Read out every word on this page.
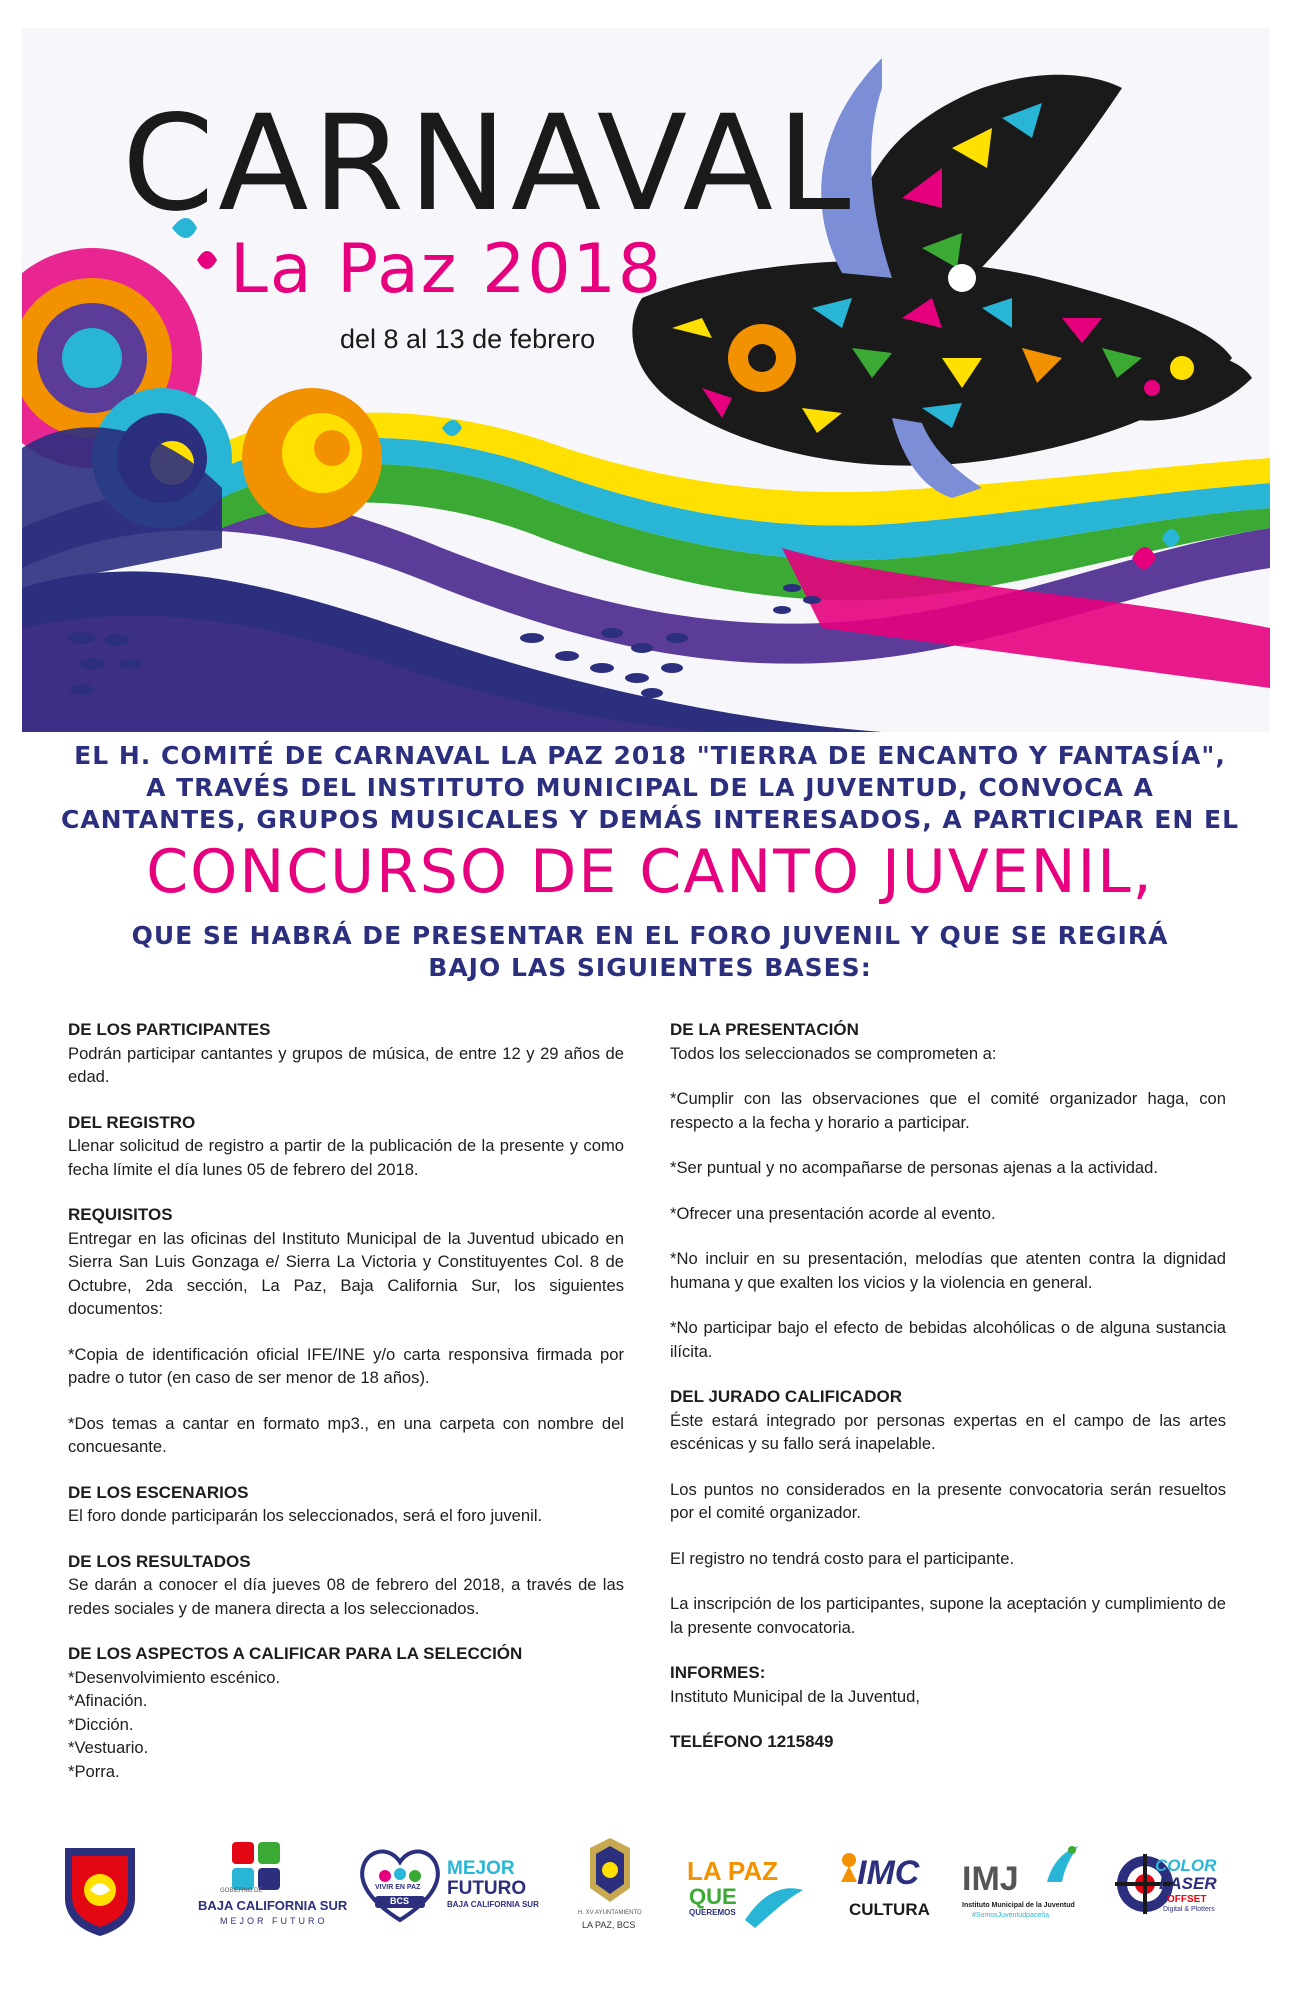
CARNAVAL
La Paz 2018
del 8 al 13 de febrero
EL H. COMITÉ DE CARNAVAL LA PAZ 2018 "TIERRA DE ENCANTO Y FANTASÍA",
A TRAVÉS DEL INSTITUTO MUNICIPAL DE LA JUVENTUD, CONVOCA A
CANTANTES, GRUPOS MUSICALES Y DEMÁS INTERESADOS, A PARTICIPAR EN EL
CONCURSO DE CANTO JUVENIL,
QUE SE HABRÁ DE PRESENTAR EN EL FORO JUVENIL Y QUE SE REGIRÁ
BAJO LAS SIGUIENTES BASES:
DE LOS PARTICIPANTES
Podrán participar cantantes y grupos de música, de entre 12 y 29 años de edad.
DEL REGISTRO
Llenar solicitud de registro a partir de la publicación de la presente y como fecha límite el día lunes 05 de febrero del 2018.
REQUISITOS
Entregar en las oficinas del Instituto Municipal de la Juventud ubicado en Sierra San Luis Gonzaga e/ Sierra La Victoria y Constituyentes Col. 8 de Octubre, 2da sección, La Paz, Baja California Sur, los siguientes documentos:
*Copia de identificación oficial IFE/INE y/o carta responsiva firmada por padre o tutor (en caso de ser menor de 18 años).
*Dos temas a cantar en formato mp3., en una carpeta con nombre del concuesante.
DE LOS ESCENARIOS
El foro donde participarán los seleccionados, será el foro juvenil.
DE LOS RESULTADOS
Se darán a conocer el día jueves 08 de febrero del 2018, a través de las redes sociales y de manera directa a los seleccionados.
DE LOS ASPECTOS A CALIFICAR PARA LA SELECCIÓN
*Desenvolvimiento escénico.
*Afinación.
*Dicción.
*Vestuario.
*Porra.
DE LA PRESENTACIÓN
Todos los seleccionados se comprometen a:
*Cumplir con las observaciones que el comité organizador haga, con respecto a la fecha y horario a participar.
*Ser puntual y no acompañarse de personas ajenas a la actividad.
*Ofrecer una presentación acorde al evento.
*No incluir en su presentación, melodías que atenten contra la dignidad humana y que exalten los vicios y la violencia en general.
*No participar bajo el efecto de bebidas alcohólicas o de alguna sustancia ilícita.
DEL JURADO CALIFICADOR
Éste estará integrado por personas expertas en el campo de las artes escénicas y su fallo será inapelable.
Los puntos no considerados en la presente convocatoria serán resueltos por el comité organizador.
El registro no tendrá costo para el participante.
La inscripción de los participantes, supone la aceptación y cumplimiento de la presente convocatoria.
INFORMES:
Instituto Municipal de la Juventud,
TELÉFONO 1215849
GOBIERNO DE
BAJA CALIFORNIA SUR
MEJOR FUTURO
VIVIR EN PAZ
BCS
MEJOR
FUTURO
BAJA CALIFORNIA SUR
H. XV AYUNTAMIENTO
LA PAZ, BCS
LA PAZ
QUE
QUEREMOS
IMC
CULTURA
IMJ
Instituto Municipal de la Juventud
#SomosJuventudpaceña
COLOR
LASER
OFFSET
Digital & Plotters
